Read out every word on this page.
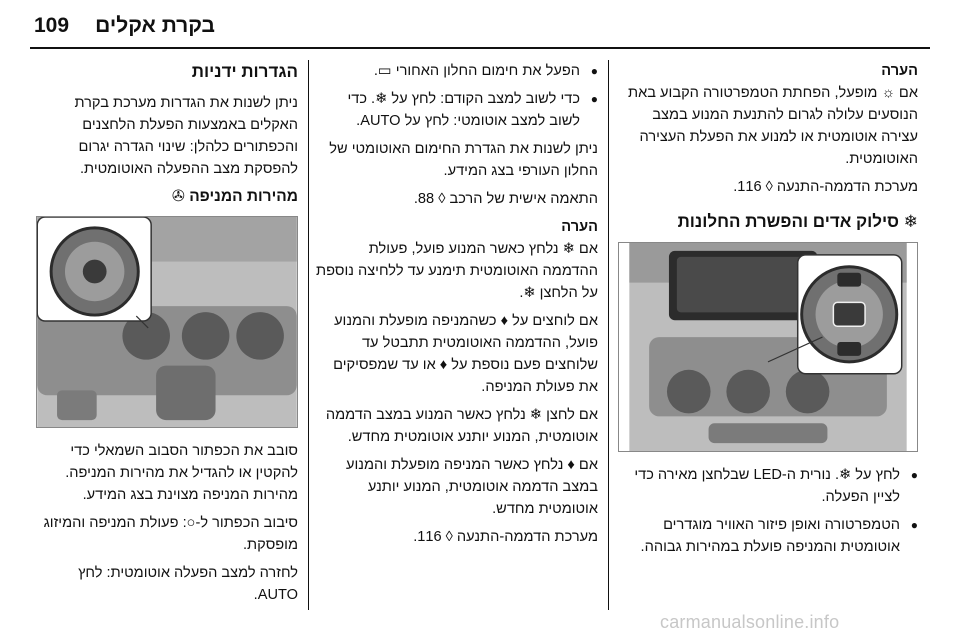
109 בקרת אקלים
הערה
אם ☼ מופעל, הפחתת הטמפרטורה הקבוע באת הנוסעים עלולה לגרום להתנעת המנוע במצב עצירה אוטומטית או למנוע את הפעלת העצירה האוטומטית.
מערכת הדממה-התנעה ◊ 116.
❄ סילוק אדים והפשרת החלונות
● לחץ על ❄. נורית ה-LED שבלחצן מאירה כדי לציין הפעלה.
● הטמפרטורה ואופן פיזור האוויר מוגדרים אוטומטית והמניפה פועלת במהירות גבוהה.
● הפעל את חימום החלון האחורי ▭.
● כדי לשוב למצב הקודם: לחץ על ❄. כדי לשוב למצב אוטומטי: לחץ על AUTO.
ניתן לשנות את הגדרת החימום האוטומטי של החלון העורפי בצג המידע.
התאמה אישית של הרכב ◊ 88.
הערה
אם ❄ נלחץ כאשר המנוע פועל, פעולת ההדממה האוטומטית תימנע עד ללחיצה נוספת על הלחצן ❄.
אם לוחצים על ♦ כשהמניפה מופעלת והמנוע פועל, ההדממה האוטומטית תתבטל עד שלוחצים פעם נוספת על ♦ או עד שמפסיקים את פעולת המניפה.
אם לחצן ❄ נלחץ כאשר המנוע במצב הדממה אוטומטית, המנוע יותנע אוטומטית מחדש.
אם ♦ נלחץ כאשר המניפה מופעלת והמנוע במצב הדממה אוטומטית, המנוע יותנע אוטומטית מחדש.
מערכת הדממה-התנעה ◊ 116.
הגדרות ידניות
ניתן לשנות את הגדרות מערכת בקרת האקלים באמצעות הפעלת הלחצנים והכפתורים כלהלן: שינוי הגדרה יגרום להפסקת מצב ההפעלה האוטומטית.
מהירות המניפה ✇
סובב את הכפתור הסבוב השמאלי כדי להקטין או להגדיל את מהירות המניפה. מהירות המניפה מצוינת בצג המידע.
סיבוב הכפתור ל-○: פעולת המניפה והמיזוג מופסקת.
לחזרה למצב הפעלה אוטומטית: לחץ AUTO.
carmanualsonline.info
